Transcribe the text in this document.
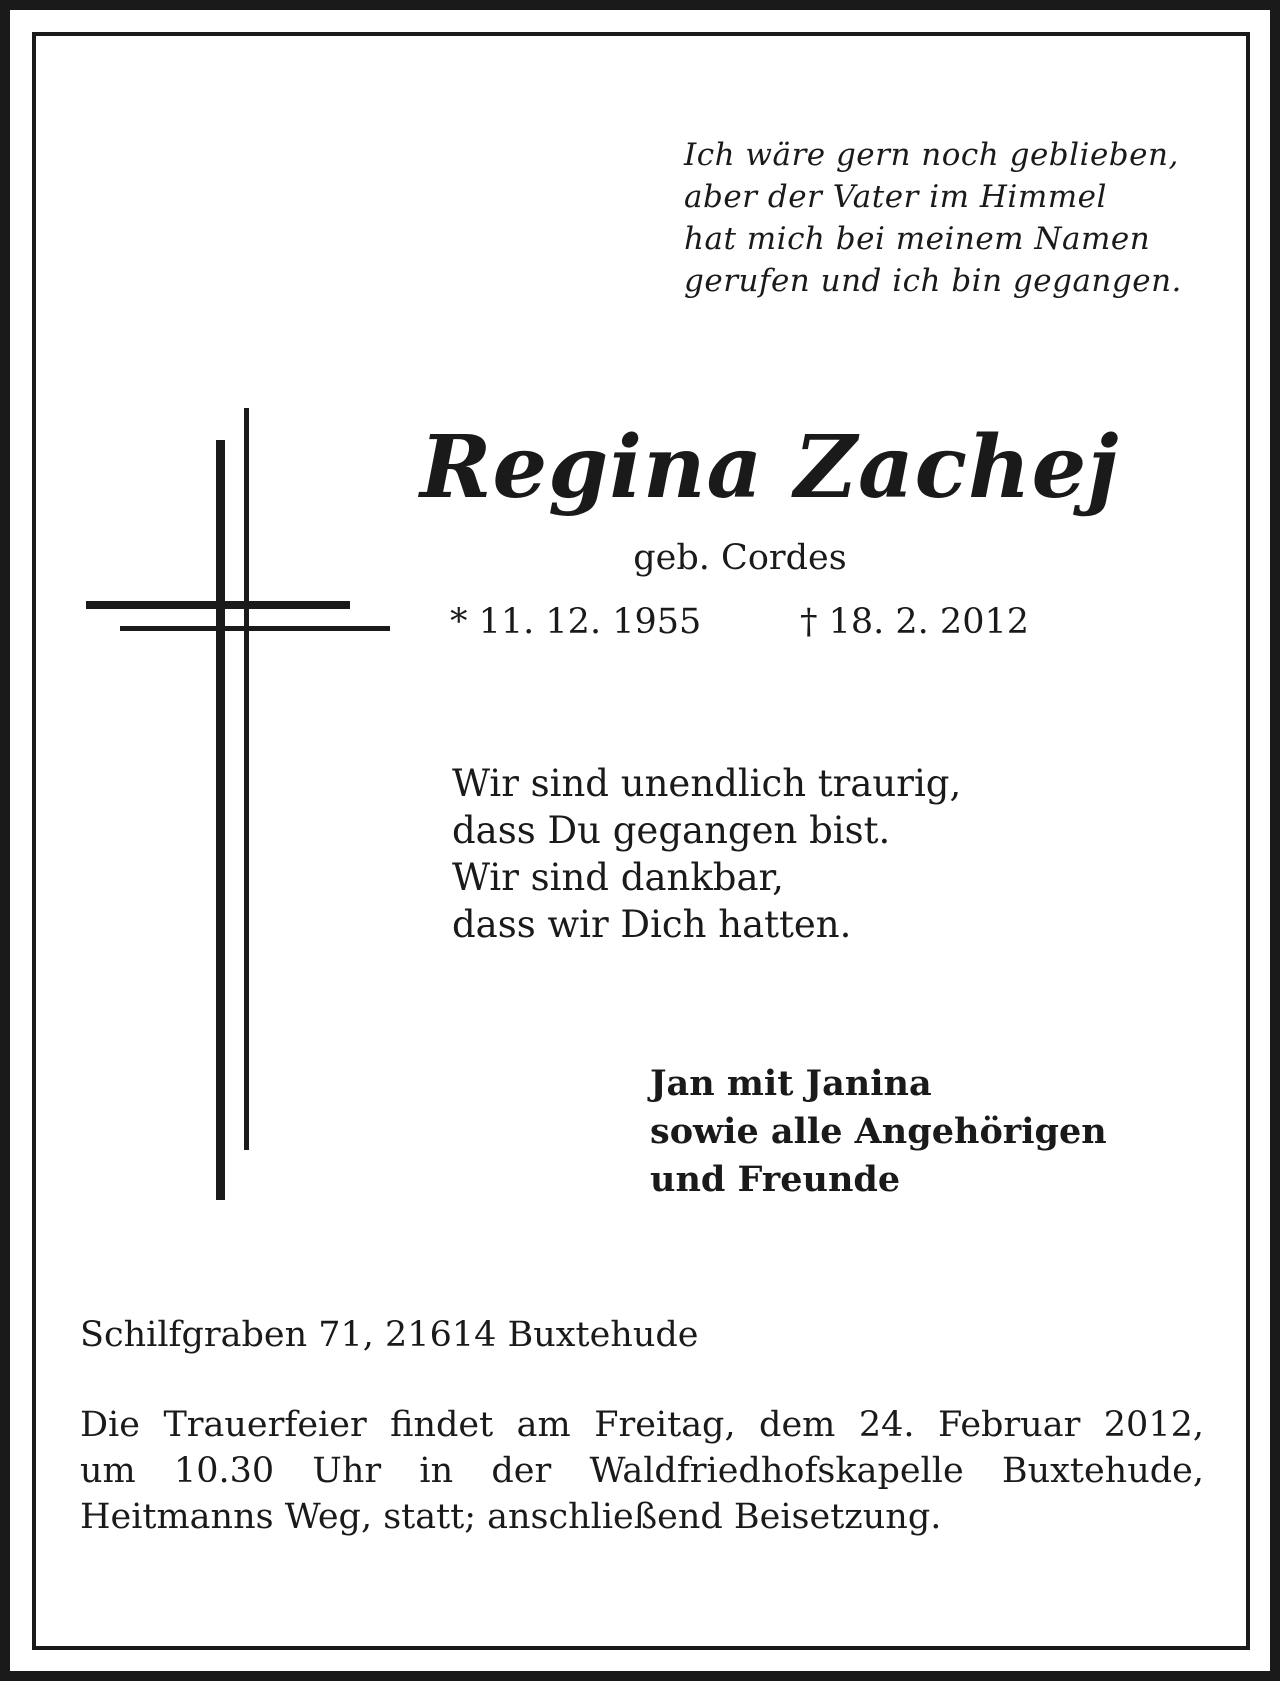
Ich wäre gern noch geblieben,
aber der Vater im Himmel
hat mich bei meinem Namen
gerufen und ich bin gegangen.
Regina Zachej
geb. Cordes
* 11. 12. 1955	† 18. 2. 2012
Wir sind unendlich traurig,
dass Du gegangen bist.
Wir sind dankbar,
dass wir Dich hatten.
Jan mit Janina
sowie alle Angehörigen
und Freunde
Schilfgraben 71, 21614 Buxtehude
Die Trauerfeier findet am Freitag, dem 24. Februar 2012,
um 10.30 Uhr in der Waldfriedhofskapelle Buxtehude,
Heitmanns Weg, statt; anschließend Beisetzung.
